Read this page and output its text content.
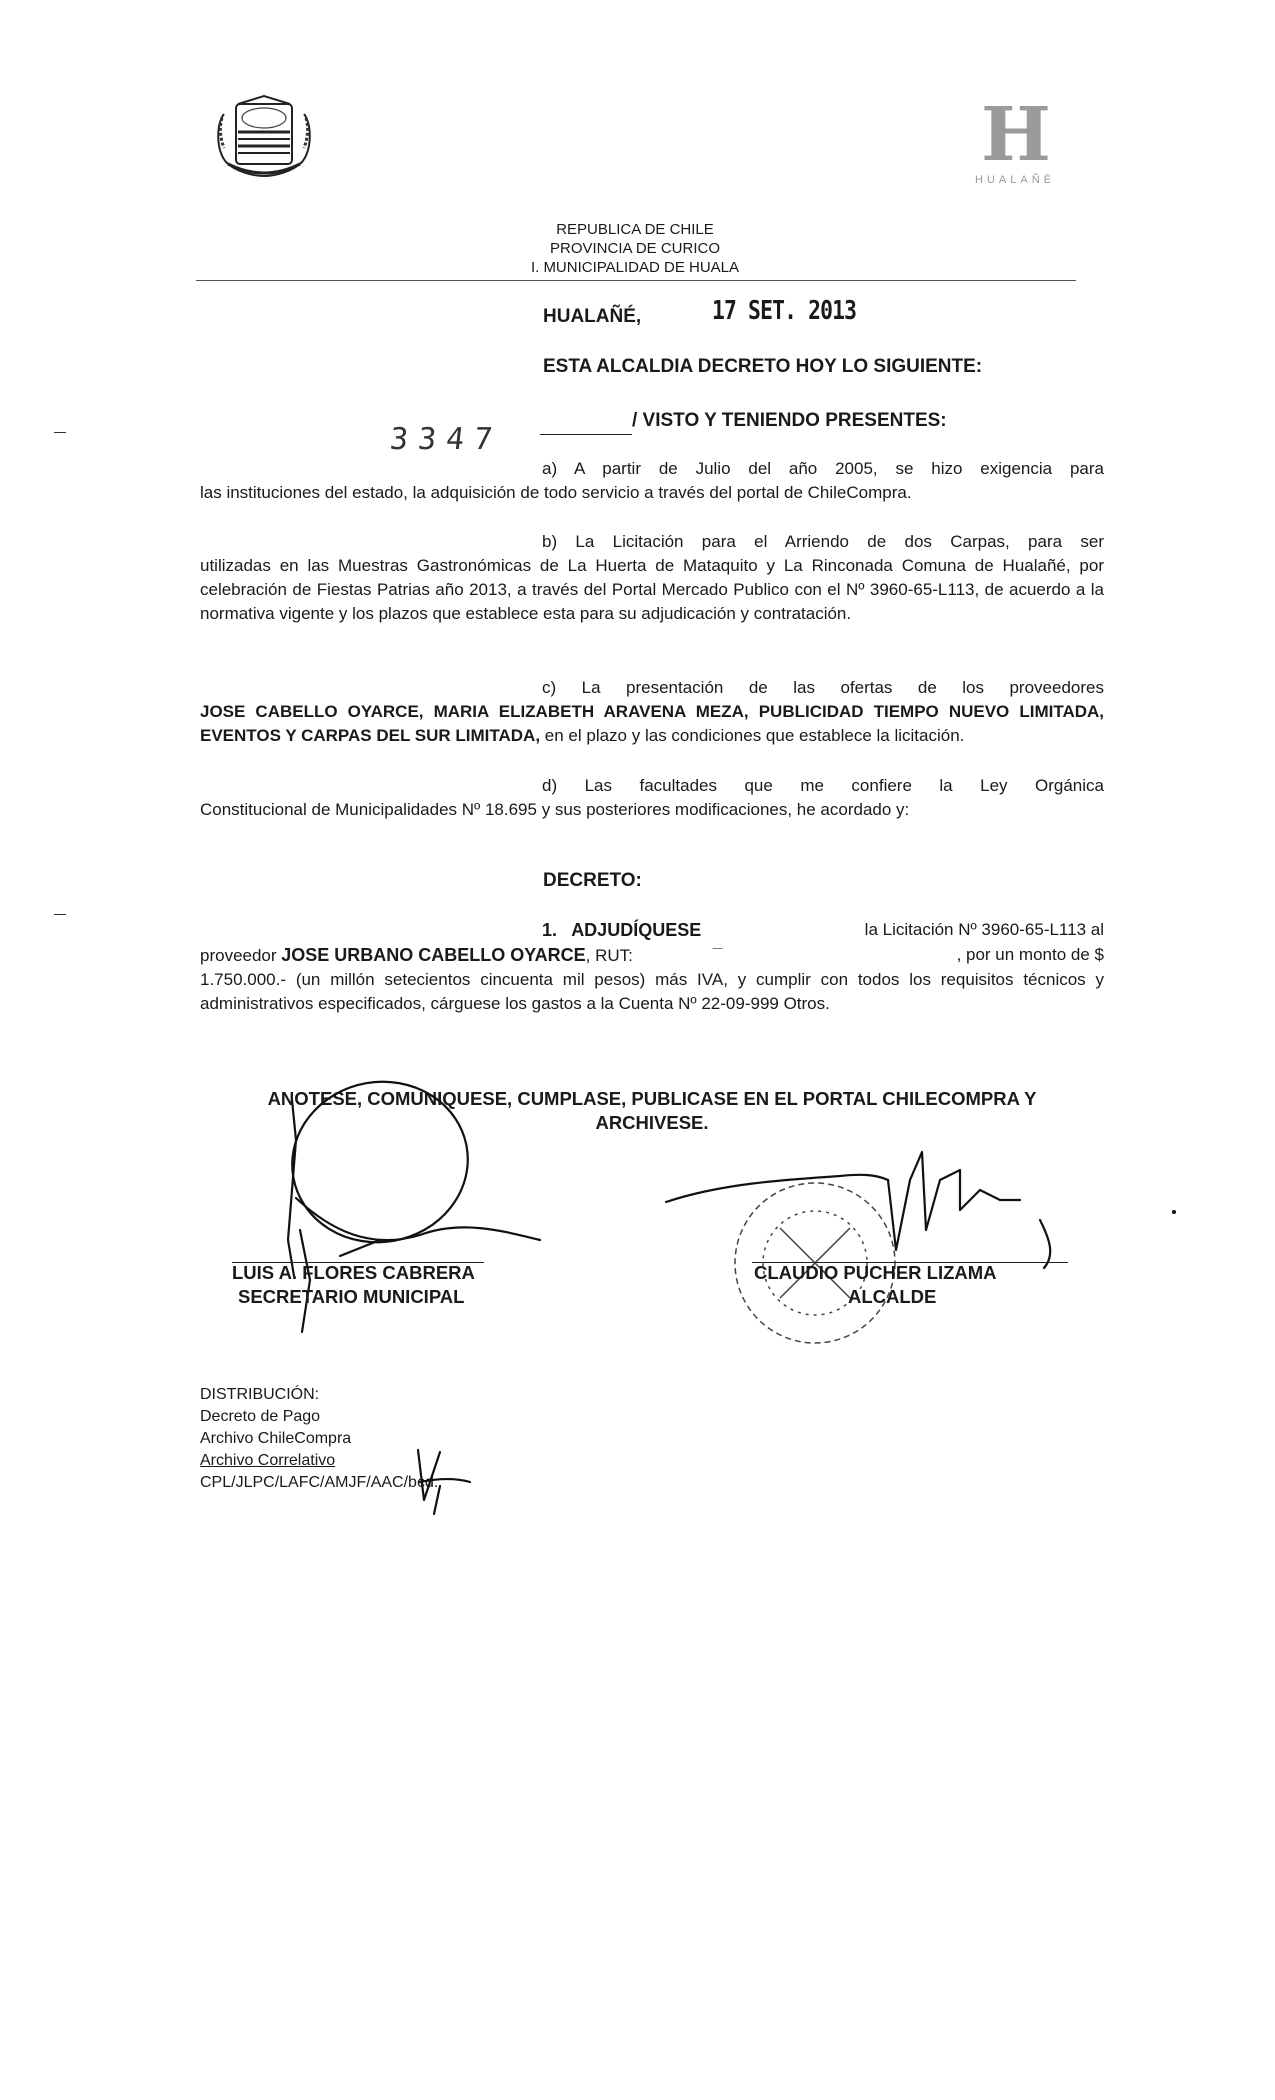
H
HUALAÑÉ
REPUBLICA DE CHILE
PROVINCIA DE CURICO
I. MUNICIPALIDAD DE HUALA
HUALAÑÉ,	17 SET. 2013
ESTA ALCALDIA DECRETO HOY LO SIGUIENTE:
3347
/ VISTO Y TENIENDO PRESENTES:
a) A partir de Julio del año 2005, se hizo exigencia para
las instituciones del estado, la adquisición de todo servicio a través del portal de ChileCompra.
b) La Licitación para el Arriendo de dos Carpas, para ser
utilizadas en las Muestras Gastronómicas de La Huerta de Mataquito y La Rinconada Comuna de Hualañé, por celebración de Fiestas Patrias año 2013, a través del Portal Mercado Publico con el Nº 3960-65-L113, de acuerdo a la normativa vigente y los plazos que establece esta para su adjudicación y contratación.
c) La presentación de las ofertas de los proveedores
JOSE CABELLO OYARCE, MARIA ELIZABETH ARAVENA MEZA, PUBLICIDAD TIEMPO NUEVO LIMITADA, EVENTOS Y CARPAS DEL SUR LIMITADA, en el plazo y las condiciones que establece la licitación.
d) Las facultades que me confiere la Ley Orgánica
Constitucional de Municipalidades Nº 18.695 y sus posteriores modificaciones, he acordado y:
DECRETO:
1. ADJUDÍQUESE	la Licitación Nº 3960-65-L113 al
proveedor JOSE URBANO CABELLO OYARCE, RUT:	¯	, por un monto de $
1.750.000.- (un millón setecientos cincuenta mil pesos) más IVA, y cumplir con todos los requisitos técnicos y administrativos especificados, cárguese los gastos a la Cuenta Nº 22-09-999 Otros.
ANOTESE, COMUNIQUESE, CUMPLASE, PUBLICASE EN EL PORTAL CHILECOMPRA Y
ARCHIVESE.
LUIS A. FLORES CABRERA
SECRETARIO MUNICIPAL
CLAUDIO PUCHER LIZAMA
ALCALDE
DISTRIBUCIÓN:
Decreto de Pago
Archivo ChileCompra
Archivo Correlativo
CPL/JLPC/LAFC/AMJF/AAC/bcd.
